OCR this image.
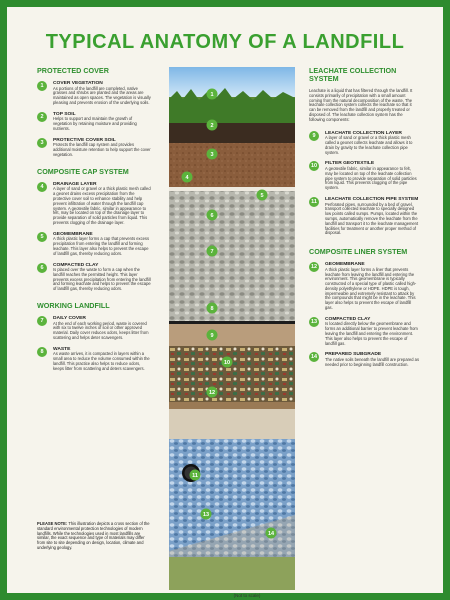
TYPICAL ANATOMY OF A LANDFILL
PROTECTED COVER
1	COVER VEGETATION
As portions of the landfill are completed, native grasses and shrubs are planted and the areas are maintained as open spaces. The vegetation is visually pleasing and prevents erosion of the underlying soils.
2	TOP SOIL
Helps to support and maintain the growth of vegetation by retaining moisture and providing nutrients.
3	PROTECTIVE COVER SOIL
Protects the landfill cap system and provides additional moisture retention to help support the cover vegetation.
COMPOSITE CAP SYSTEM
4	DRAINAGE LAYER
A layer of sand or gravel or a thick plastic mesh called a geonet drains excess precipitation from the protective cover soil to enhance stability and help prevent infiltration of water through the landfill cap system. A geotextile fabric, similar in appearance to felt, may be located on top of the drainage layer to provide separation of solid particles from liquid. This prevents clogging of the drainage layer.
5	GEOMEMBRANE
A thick plastic layer forms a cap that prevents excess precipitation from entering the landfill and forming leachate. This layer also helps to prevent the escape of landfill gas, thereby reducing odors.
6	COMPACTED CLAY
Is placed over the waste to form a cap when the landfill reaches the permitted height. This layer prevents excess precipitation from entering the landfill and forming leachate and helps to prevent the escape of landfill gas, thereby reducing odors.
WORKING LANDFILL
7	DAILY COVER
At the end of each working period, waste is covered with six to twelve inches of soil or other approved material. Daily cover reduces odors, keeps litter from scattering and helps deter scavengers.
8	WASTE
As waste arrives, it is compacted in layers within a small area to reduce the volume consumed within the landfill. This practice also helps to reduce odors, keeps litter from scattering and deters scavengers.
PLEASE NOTE: This illustration depicts a cross section of the standard environmental protection technologies of modern landfills. While the technologies used in most landfills are similar, the exact sequence and type of materials may differ from site to site depending on design, location, climate and underlying geology.
1
2
3
4
5
6
7
8
9
10
11
12
13
14
(Not to scale)
LEACHATE COLLECTION SYSTEM
Leachate is a liquid that has filtered through the landfill. It consists primarily of precipitation with a small amount coming from the natural decomposition of the waste. The leachate collection system collects the leachate so that it can be removed from the landfill and properly treated or disposed of. The leachate collection system has the following components:
9	LEACHATE COLLECTION LAYER
A layer of sand or gravel or a thick plastic mesh called a geonet collects leachate and allows it to drain by gravity to the leachate collection pipe system.
10	FILTER GEOTEXTILE
A geotextile fabric, similar in appearance to felt, may be located on top of the leachate collection pipe system to provide separation of solid particles from liquid. This prevents clogging of the pipe system.
11	LEACHATE COLLECTION PIPE SYSTEM
Perforated pipes, surrounded by a bed of gravel, transport collected leachate to specially designed low points called sumps. Pumps, located within the sumps, automatically remove the leachate from the landfill and transport it to the leachate management facilities for treatment or another proper method of disposal.
COMPOSITE LINER SYSTEM
12	GEOMEMBRANE
A thick plastic layer forms a liner that prevents leachate from leaving the landfill and entering the environment. This geomembrane is typically constructed of a special type of plastic called high-density polyethylene or HDPE. HDPE is tough, impermeable and extremely resistant to attack by the compounds that might be in the leachate. This layer also helps to prevent the escape of landfill gas.
13	COMPACTED CLAY
Is located directly below the geomembrane and forms an additional barrier to prevent leachate from leaving the landfill and entering the environment. This layer also helps to prevent the escape of landfill gas.
14	PREPARED SUBGRADE
The native soils beneath the landfill are prepared as needed prior to beginning landfill construction.
